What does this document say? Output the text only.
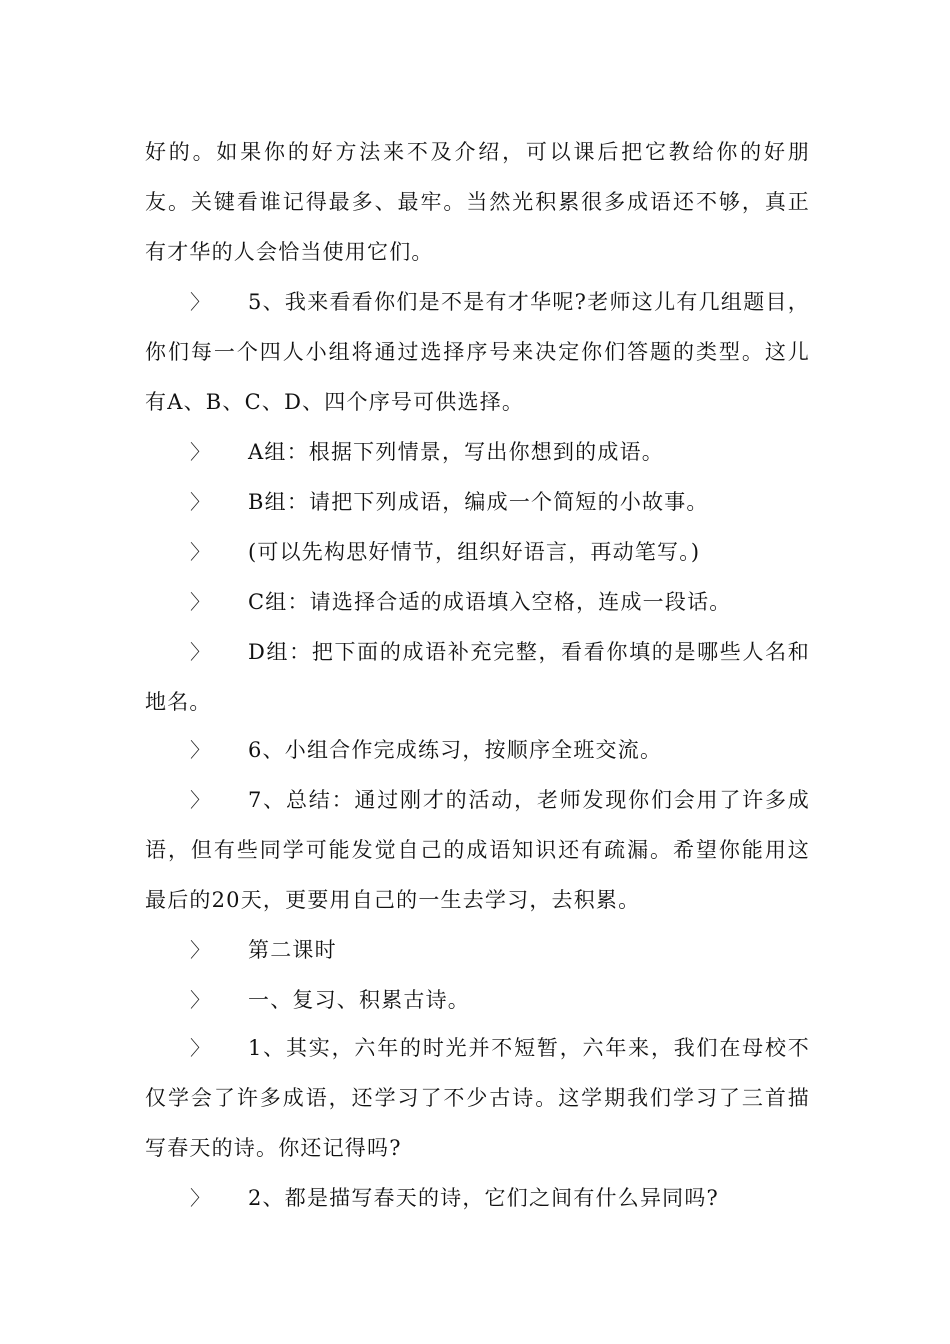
好的。如果你的好方法来不及介绍，可以课后把它教给你的好朋友。关键看谁记得最多、最牢。当然光积累很多成语还不够，真正有才华的人会恰当使用它们。

〉 5、我来看看你们是不是有才华呢?老师这儿有几组题目，你们每一个四人小组将通过选择序号来决定你们答题的类型。这儿有A、B、C、D、四个序号可供选择。

〉 A组：根据下列情景，写出你想到的成语。

〉 B组：请把下列成语，编成一个简短的小故事。

〉 (可以先构思好情节，组织好语言，再动笔写。)

〉 C组：请选择合适的成语填入空格，连成一段话。

〉 D组：把下面的成语补充完整，看看你填的是哪些人名和地名。

〉 6、小组合作完成练习，按顺序全班交流。

〉 7、总结：通过刚才的活动，老师发现你们会用了许多成语，但有些同学可能发觉自己的成语知识还有疏漏。希望你能用这最后的20天，更要用自己的一生去学习，去积累。

〉 第二课时

〉 一、复习、积累古诗。

〉 1、其实，六年的时光并不短暂，六年来，我们在母校不仅学会了许多成语，还学习了不少古诗。这学期我们学习了三首描写春天的诗。你还记得吗?

〉 2、都是描写春天的诗，它们之间有什么异同吗?
